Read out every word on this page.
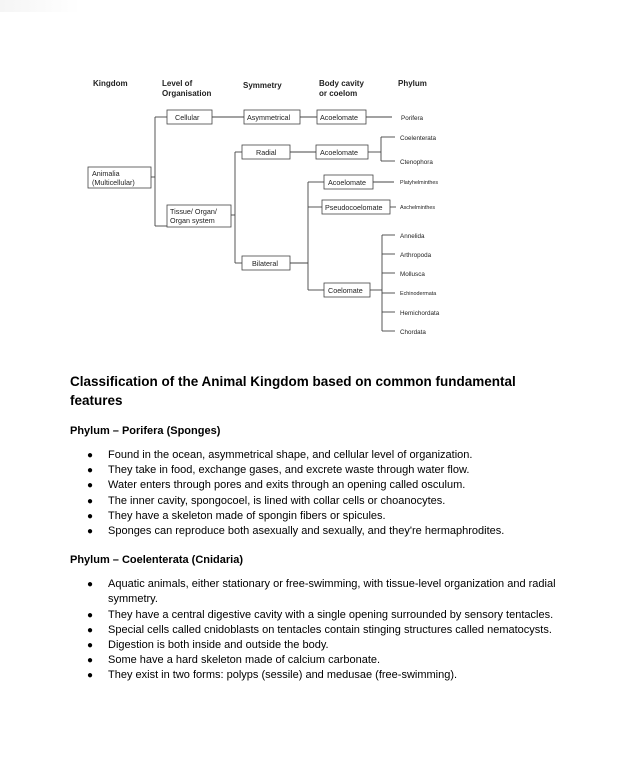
Kingdom	Level of
Organisation
Symmetry	Body cavity
or coelom
Phylum
Animalia
(Multicellular)
Cellular
Tissue/ Organ/
Organ system
Asymmetrical
Radial
Bilateral
Acoelomate
Acoelomate
Acoelomate
Pseudocoelomate
Coelomate
Porifera
Coelenterata
Ctenophora
Platyhelminthes
Aschelminthes
Annelida
Arthropoda
Mollusca
Echinodermata
Hemichordata
Chordata
Classification of the Animal Kingdom based on common fundamental features
Phylum – Porifera (Sponges)
● Found in the ocean, asymmetrical shape, and cellular level of organization.
● They take in food, exchange gases, and excrete waste through water flow.
● Water enters through pores and exits through an opening called osculum.
● The inner cavity, spongocoel, is lined with collar cells or choanocytes.
● They have a skeleton made of spongin fibers or spicules.
● Sponges can reproduce both asexually and sexually, and they're hermaphrodites.
Phylum – Coelenterata (Cnidaria)
● Aquatic animals, either stationary or free-swimming, with tissue-level organization and radial symmetry.
● They have a central digestive cavity with a single opening surrounded by sensory tentacles.
● Special cells called cnidoblasts on tentacles contain stinging structures called nematocysts.
● Digestion is both inside and outside the body.
● Some have a hard skeleton made of calcium carbonate.
● They exist in two forms: polyps (sessile) and medusae (free-swimming).
